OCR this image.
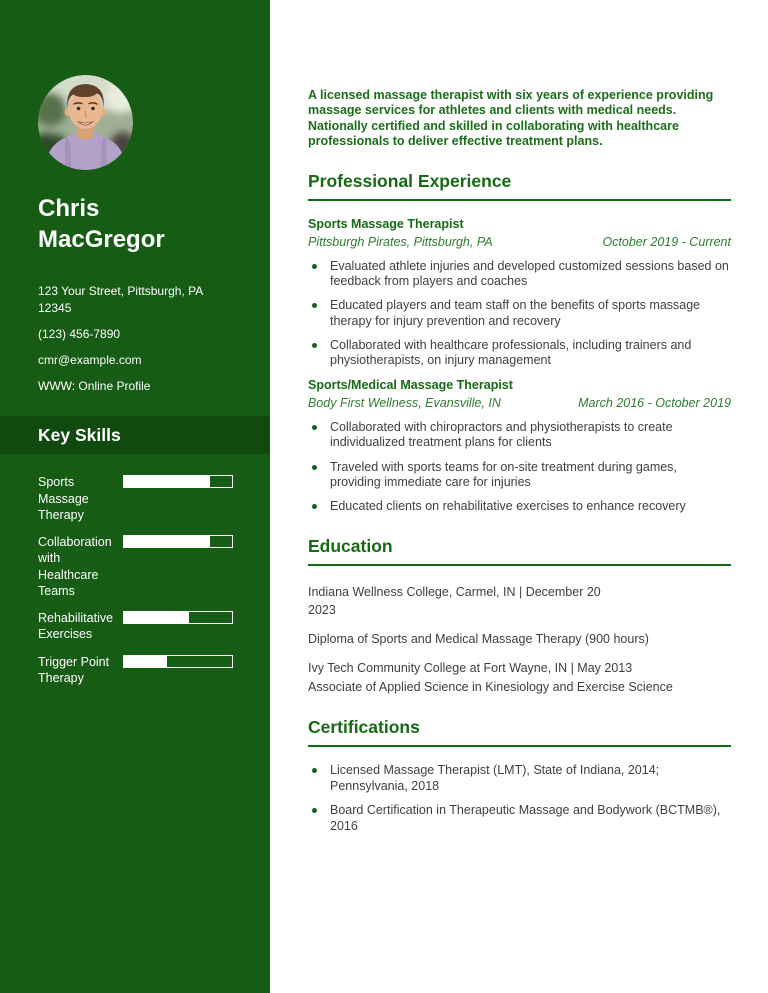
Chris MacGregor

123 Your Street, Pittsburgh, PA 12345

(123) 456-7890

cmr@example.com

WWW: Online Profile

Key Skills
Sports Massage Therapy
Collaboration with Healthcare Teams
Rehabilitative Exercises
Trigger Point Therapy

A licensed massage therapist with six years of experience providing massage services for athletes and clients with medical needs. Nationally certified and skilled in collaborating with healthcare professionals to deliver effective treatment plans.

Professional Experience
Sports Massage Therapist
Pittsburgh Pirates, Pittsburgh, PA	October 2019 - Current
Evaluated athlete injuries and developed customized sessions based on feedback from players and coaches
Educated players and team staff on the benefits of sports massage therapy for injury prevention and recovery
Collaborated with healthcare professionals, including trainers and physiotherapists, on injury management
Sports/Medical Massage Therapist
Body First Wellness, Evansville, IN	March 2016 - October 2019
Collaborated with chiropractors and physiotherapists to create individualized treatment plans for clients
Traveled with sports teams for on-site treatment during games, providing immediate care for injuries
Educated clients on rehabilitative exercises to enhance recovery
Education

Indiana Wellness College, Carmel, IN | December 20
2023

Diploma of Sports and Medical Massage Therapy (900 hours)

Ivy Tech Community College at Fort Wayne, IN | May 2013
Associate of Applied Science in Kinesiology and Exercise Science

Certifications
Licensed Massage Therapist (LMT), State of Indiana, 2014; Pennsylvania, 2018
Board Certification in Therapeutic Massage and Bodywork (BCTMB®), 2016
